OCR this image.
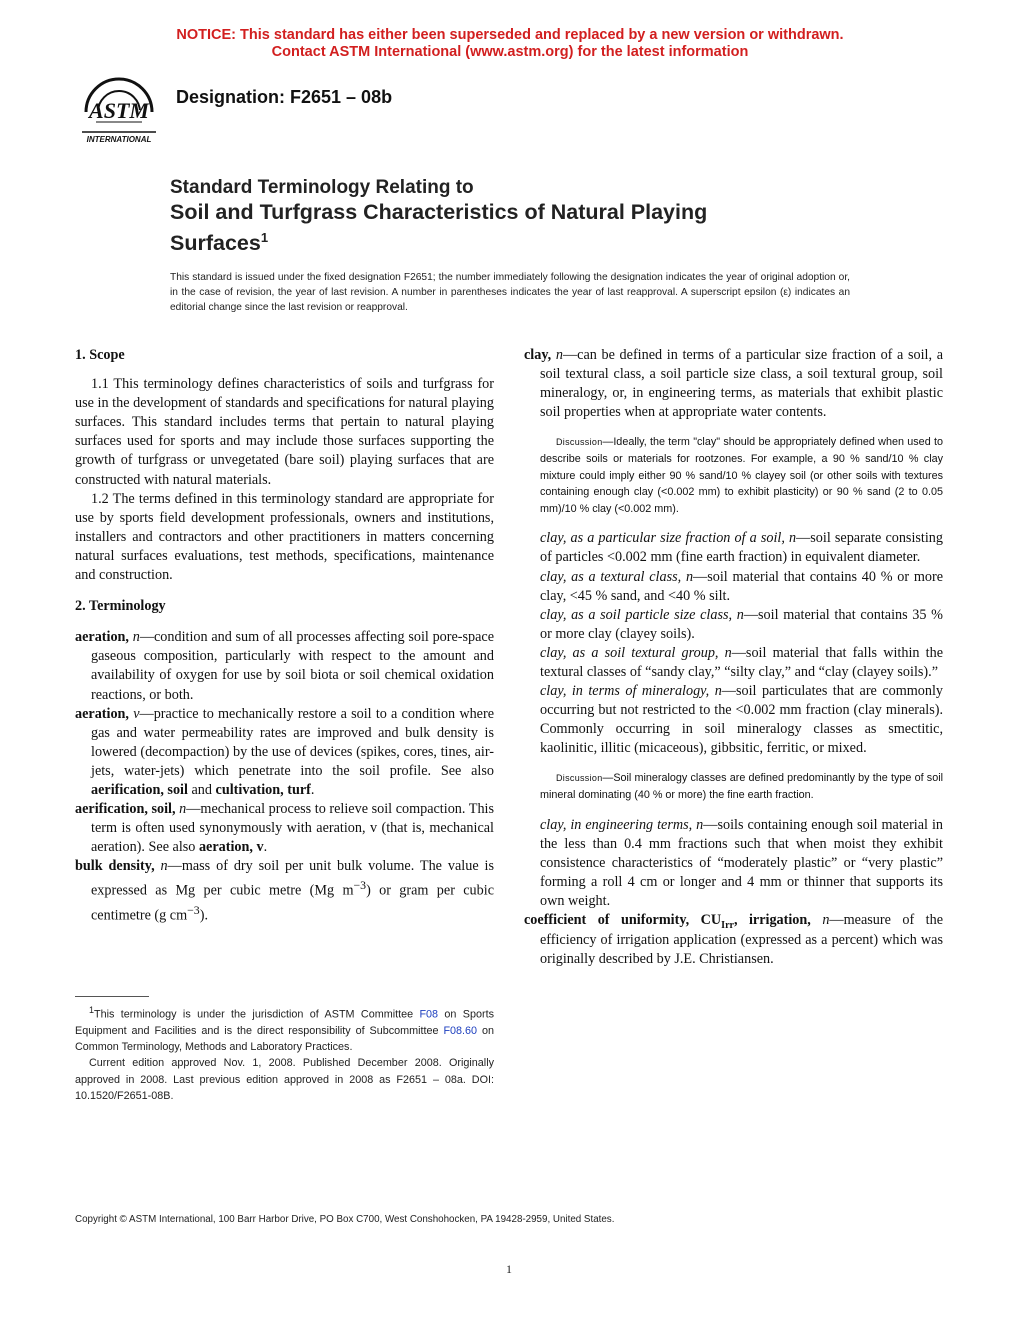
NOTICE: This standard has either been superseded and replaced by a new version or withdrawn.
Contact ASTM International (www.astm.org) for the latest information
ASTM
INTERNATIONAL
Designation: F2651 – 08b
Standard Terminology Relating to
Soil and Turfgrass Characteristics of Natural Playing
Surfaces$^1$
This standard is issued under the fixed designation F2651; the number immediately following the designation indicates the year of original adoption or, in the case of revision, the year of last revision. A number in parentheses indicates the year of last reapproval. A superscript epsilon (ε) indicates an editorial change since the last revision or reapproval.
1. Scope

1.1 This terminology defines characteristics of soils and turfgrass for use in the development of standards and specifications for natural playing surfaces. This standard includes terms that pertain to natural playing surfaces used for sports and may include those surfaces supporting the growth of turfgrass or unvegetated (bare soil) playing surfaces that are constructed with natural materials.

1.2 The terms defined in this terminology standard are appropriate for use by sports field development professionals, owners and institutions, installers and contractors and other practitioners in matters concerning natural surfaces evaluations, test methods, specifications, maintenance and construction.

2. Terminology

aeration, n—condition and sum of all processes affecting soil pore-space gaseous composition, particularly with respect to the amount and availability of oxygen for use by soil biota or soil chemical oxidation reactions, or both.

aeration, v—practice to mechanically restore a soil to a condition where gas and water permeability rates are improved and bulk density is lowered (decompaction) by the use of devices (spikes, cores, tines, air-jets, water-jets) which penetrate into the soil profile. See also aerification, soil and cultivation, turf.

aerification, soil, n—mechanical process to relieve soil compaction. This term is often used synonymously with aeration, v (that is, mechanical aeration). See also aeration, v.

bulk density, n—mass of dry soil per unit bulk volume. The value is expressed as Mg per cubic metre (Mg $m^{-3}$) or gram per cubic centimetre (g $cm^{-3}$).

clay, n—can be defined in terms of a particular size fraction of a soil, a soil textural class, a soil particle size class, a soil textural group, soil mineralogy, or, in engineering terms, as materials that exhibit plastic soil properties when at appropriate water contents.

Discussion—Ideally, the term "clay" should be appropriately defined when used to describe soils or materials for rootzones. For example, a 90 % sand/10 % clay mixture could imply either 90 % sand/10 % clayey soil (or other soils with textures containing enough clay (<0.002 mm) to exhibit plasticity) or 90 % sand (2 to 0.05 mm)/10 % clay (<0.002 mm).

clay, as a particular size fraction of a soil, n—soil separate consisting of particles <0.002 mm (fine earth fraction) in equivalent diameter.

clay, as a textural class, n—soil material that contains 40 % or more clay, <45 % sand, and <40 % silt.

clay, as a soil particle size class, n—soil material that contains 35 % or more clay (clayey soils).

clay, as a soil textural group, n—soil material that falls within the textural classes of “sandy clay,” “silty clay,” and “clay (clayey soils).”

clay, in terms of mineralogy, n—soil particulates that are commonly occurring but not restricted to the <0.002 mm fraction (clay minerals). Commonly occurring in soil mineralogy classes as smectitic, kaolinitic, illitic (micaceous), gibbsitic, ferritic, or mixed.

Discussion—Soil mineralogy classes are defined predominantly by the type of soil mineral dominating (40 % or more) the fine earth fraction.

clay, in engineering terms, n—soils containing enough soil material in the less than 0.4 mm fractions such that when moist they exhibit consistence characteristics of “moderately plastic” or “very plastic” forming a roll 4 cm or longer and 4 mm or thinner that supports its own weight.

coefficient of uniformity, $CU_{Irr}$, irrigation, n—measure of the efficiency of irrigation application (expressed as a percent) which was originally described by J.E. Christiansen.

$^1$This terminology is under the jurisdiction of ASTM Committee F08 on Sports Equipment and Facilities and is the direct responsibility of Subcommittee F08.60 on Common Terminology, Methods and Laboratory Practices.

Current edition approved Nov. 1, 2008. Published December 2008. Originally approved in 2008. Last previous edition approved in 2008 as F2651 – 08a. DOI: 10.1520/F2651-08B.

Copyright © ASTM International, 100 Barr Harbor Drive, PO Box C700, West Conshohocken, PA 19428-2959, United States.
1
